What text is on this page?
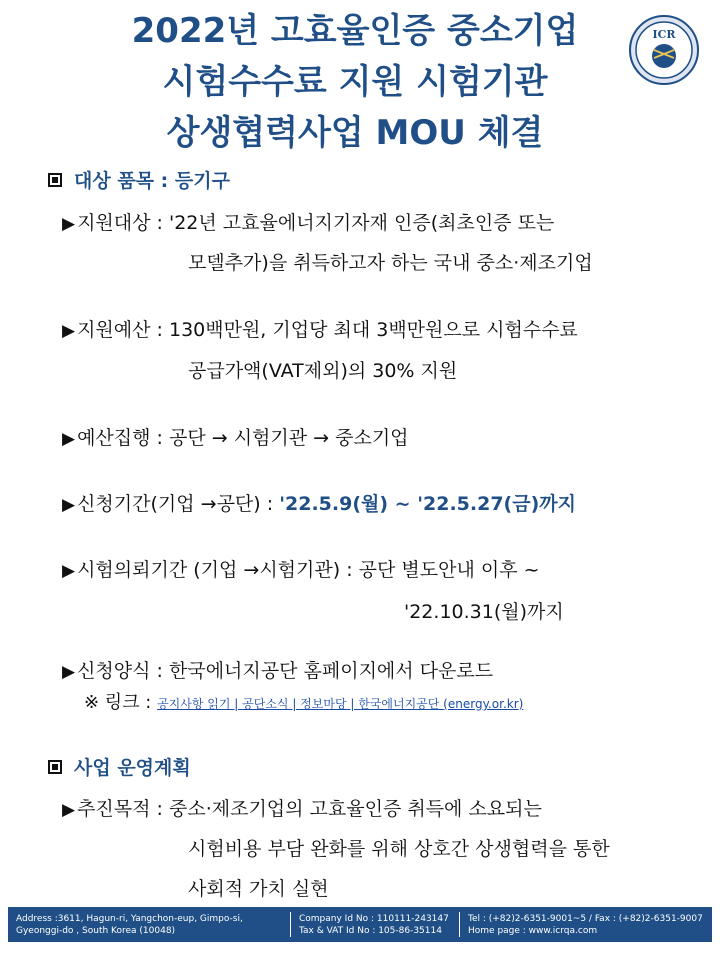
2022년 고효율인증 중소기업
시험수수료 지원 시험기관
상생협력사업 MOU 체결
ICR
대상 품목 : 등기구
▶ 지원대상 : '22년 고효율에너지기자재 인증(최초인증 또는
모델추가)을 취득하고자 하는 국내 중소·제조기업
▶ 지원예산 : 130백만원, 기업당 최대 3백만원으로 시험수수료
공급가액(VAT제외)의 30% 지원
▶ 예산집행 : 공단 → 시험기관 → 중소기업
▶ 신청기간(기업 →공단) : '22.5.9(월) ~ '22.5.27(금)까지
▶ 시험의뢰기간 (기업 →시험기관) : 공단 별도안내 이후 ~
'22.10.31(월)까지
▶ 신청양식 : 한국에너지공단 홈페이지에서 다운로드
※ 링크 : 공지사항 읽기 | 공단소식 | 정보마당 | 한국에너지공단 (energy.or.kr)
사업 운영계획
▶ 추진목적 : 중소·제조기업의 고효율인증 취득에 소요되는
시험비용 부담 완화를 위해 상호간 상생협력을 통한
사회적 가치 실현
Address :3611, Hagun-ri, Yangchon-eup, Gimpo-si,
Gyeonggi-do , South Korea (10048)
Company Id No : 110111-243147
Tax & VAT Id No : 105-86-35114
Tel : (+82)2-6351-9001~5 / Fax : (+82)2-6351-9007
Home page : www.icrqa.com
